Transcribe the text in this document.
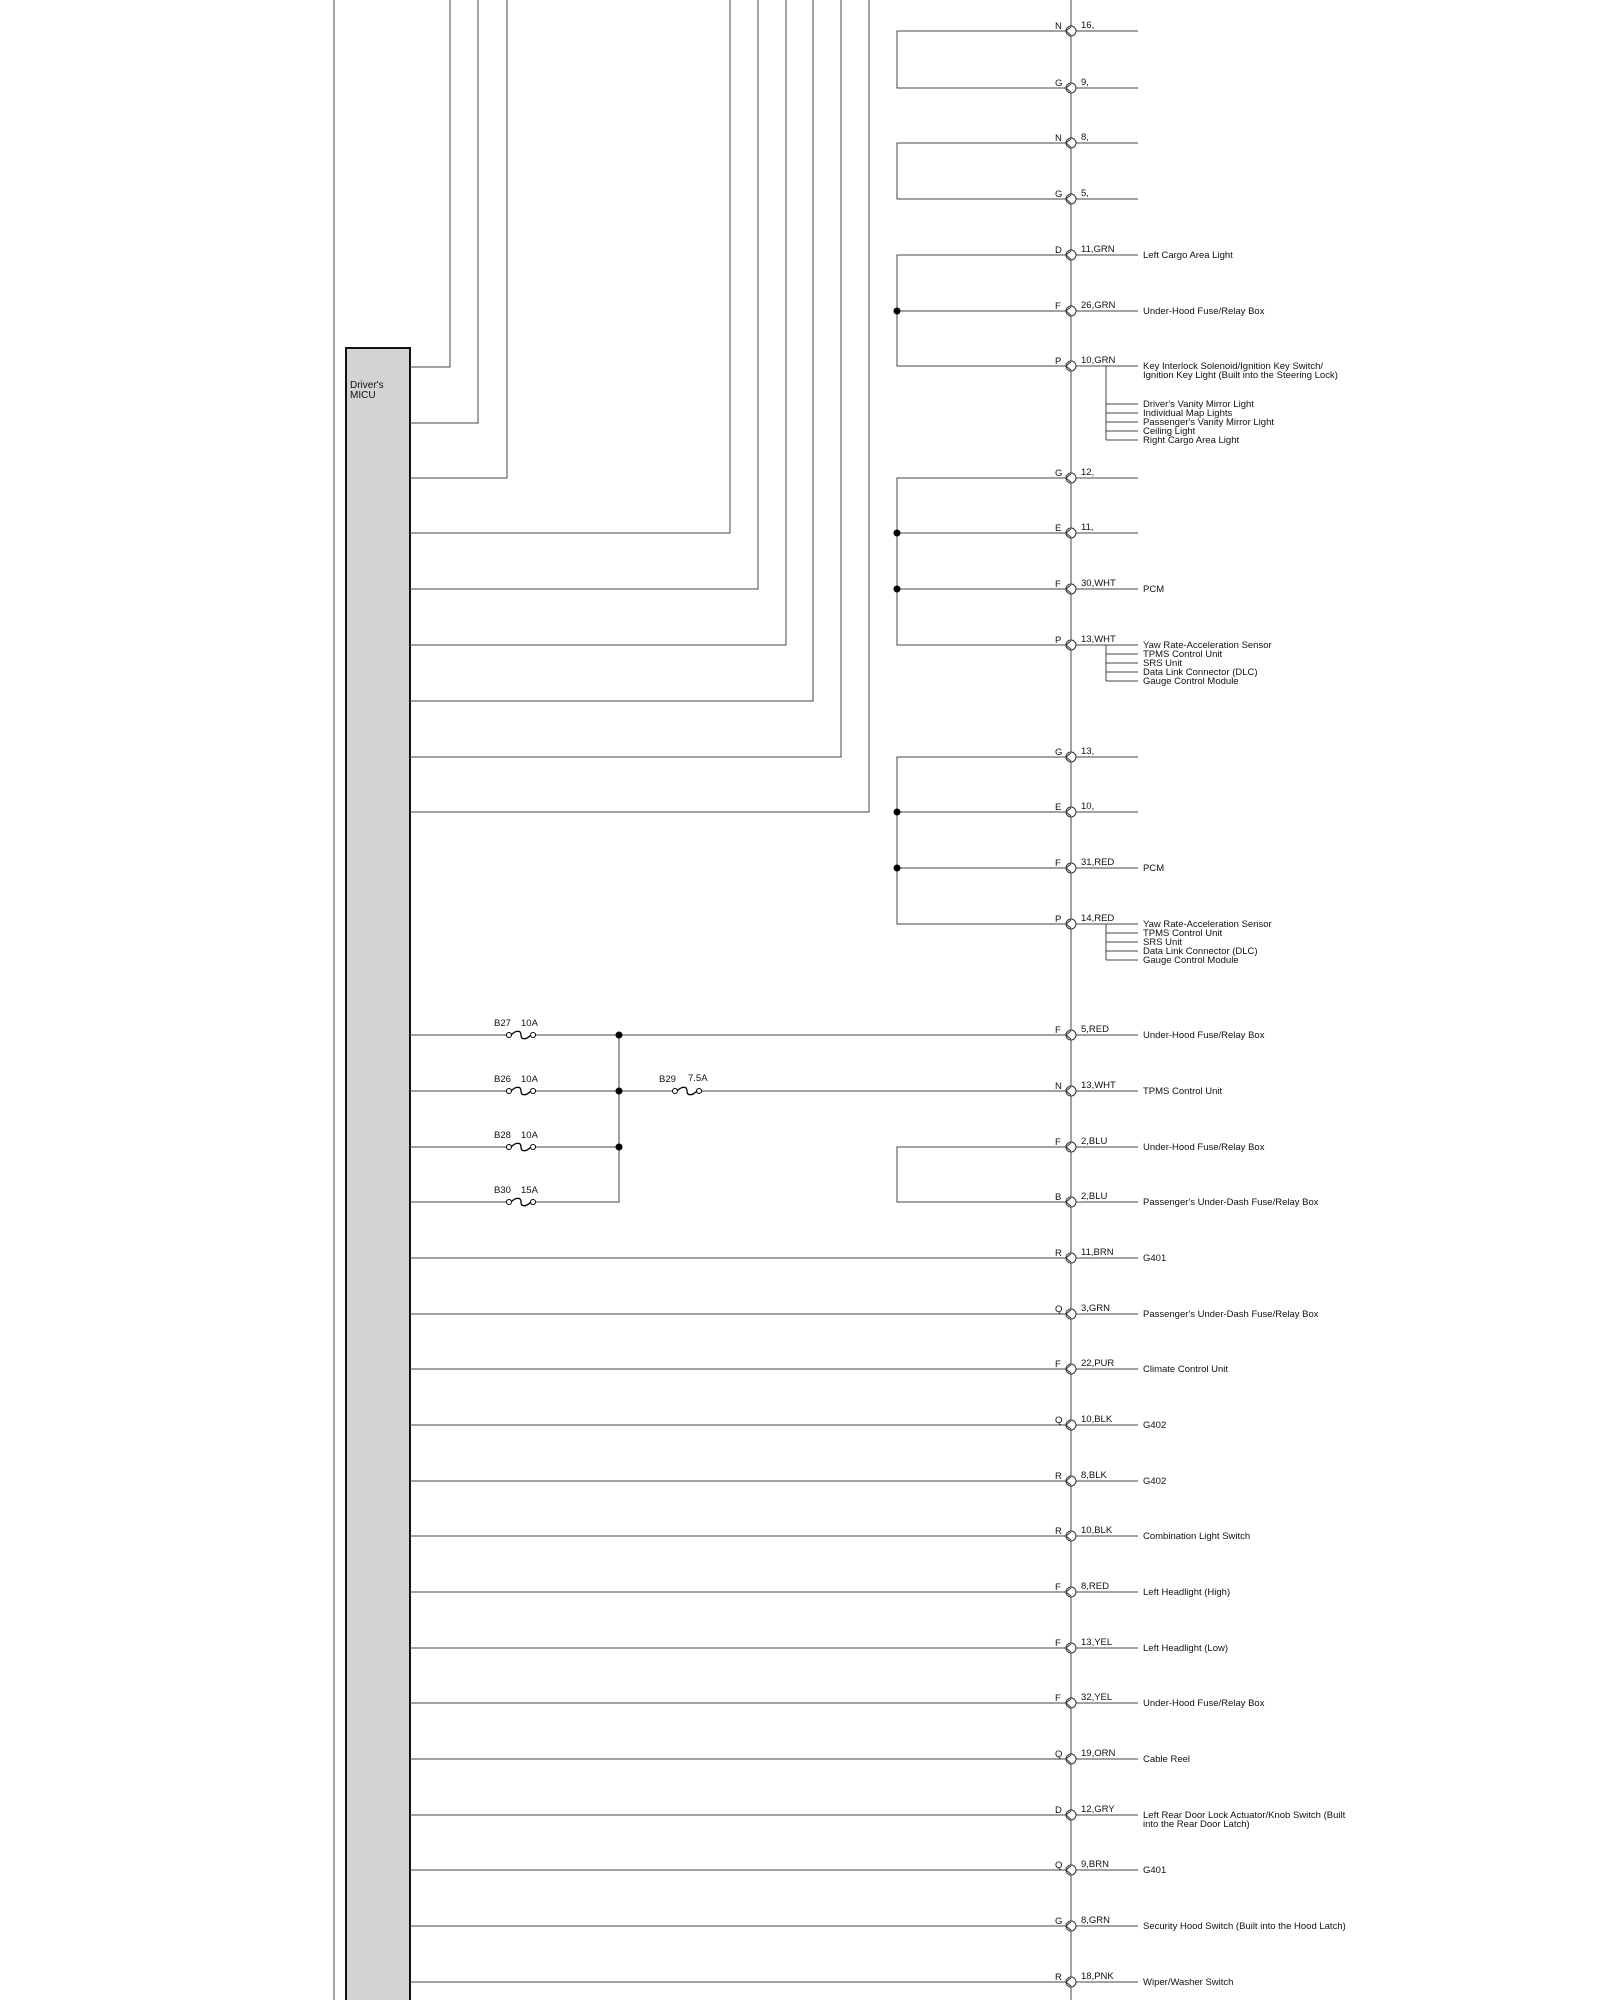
Driver's
MICU
B27 10A
B26 10A
B28 10A
B30 15A
B29 7.5A
N 16,
G 9,
N 8,
G 5,
D 11,GRN
Left Cargo Area Light
F 26,GRN
Under-Hood Fuse/Relay Box
P 10,GRN
Key Interlock Solenoid/Ignition Key Switch/
Ignition Key Light (Built into the Steering Lock)
Driver's Vanity Mirror Light
Individual Map Lights
Passenger's Vanity Mirror Light
Ceiling Light
Right Cargo Area Light
G 12,
E 11,
F 30,WHT
PCM
P 13,WHT
Yaw Rate-Acceleration Sensor
TPMS Control Unit
SRS Unit
Data Link Connector (DLC)
Gauge Control Module
G 13,
E 10,
F 31,RED
PCM
P 14,RED
Yaw Rate-Acceleration Sensor
TPMS Control Unit
SRS Unit
Data Link Connector (DLC)
Gauge Control Module
F 5,RED
Under-Hood Fuse/Relay Box
N 13,WHT
TPMS Control Unit
F 2,BLU
Under-Hood Fuse/Relay Box
B 2,BLU
Passenger's Under-Dash Fuse/Relay Box
R 11,BRN
G401
Q 3,GRN
Passenger's Under-Dash Fuse/Relay Box
F 22,PUR
Climate Control Unit
Q 10,BLK
G402
R 8,BLK
G402
R 10,BLK
Combination Light Switch
F 8,RED
Left Headlight (High)
F 13,YEL
Left Headlight (Low)
F 32,YEL
Under-Hood Fuse/Relay Box
Q 19,ORN
Cable Reel
D 12,GRY
Left Rear Door Lock Actuator/Knob Switch (Built
into the Rear Door Latch)
Q 9,BRN
G401
G 8,GRN
Security Hood Switch (Built into the Hood Latch)
R 18,PNK
Wiper/Washer Switch
